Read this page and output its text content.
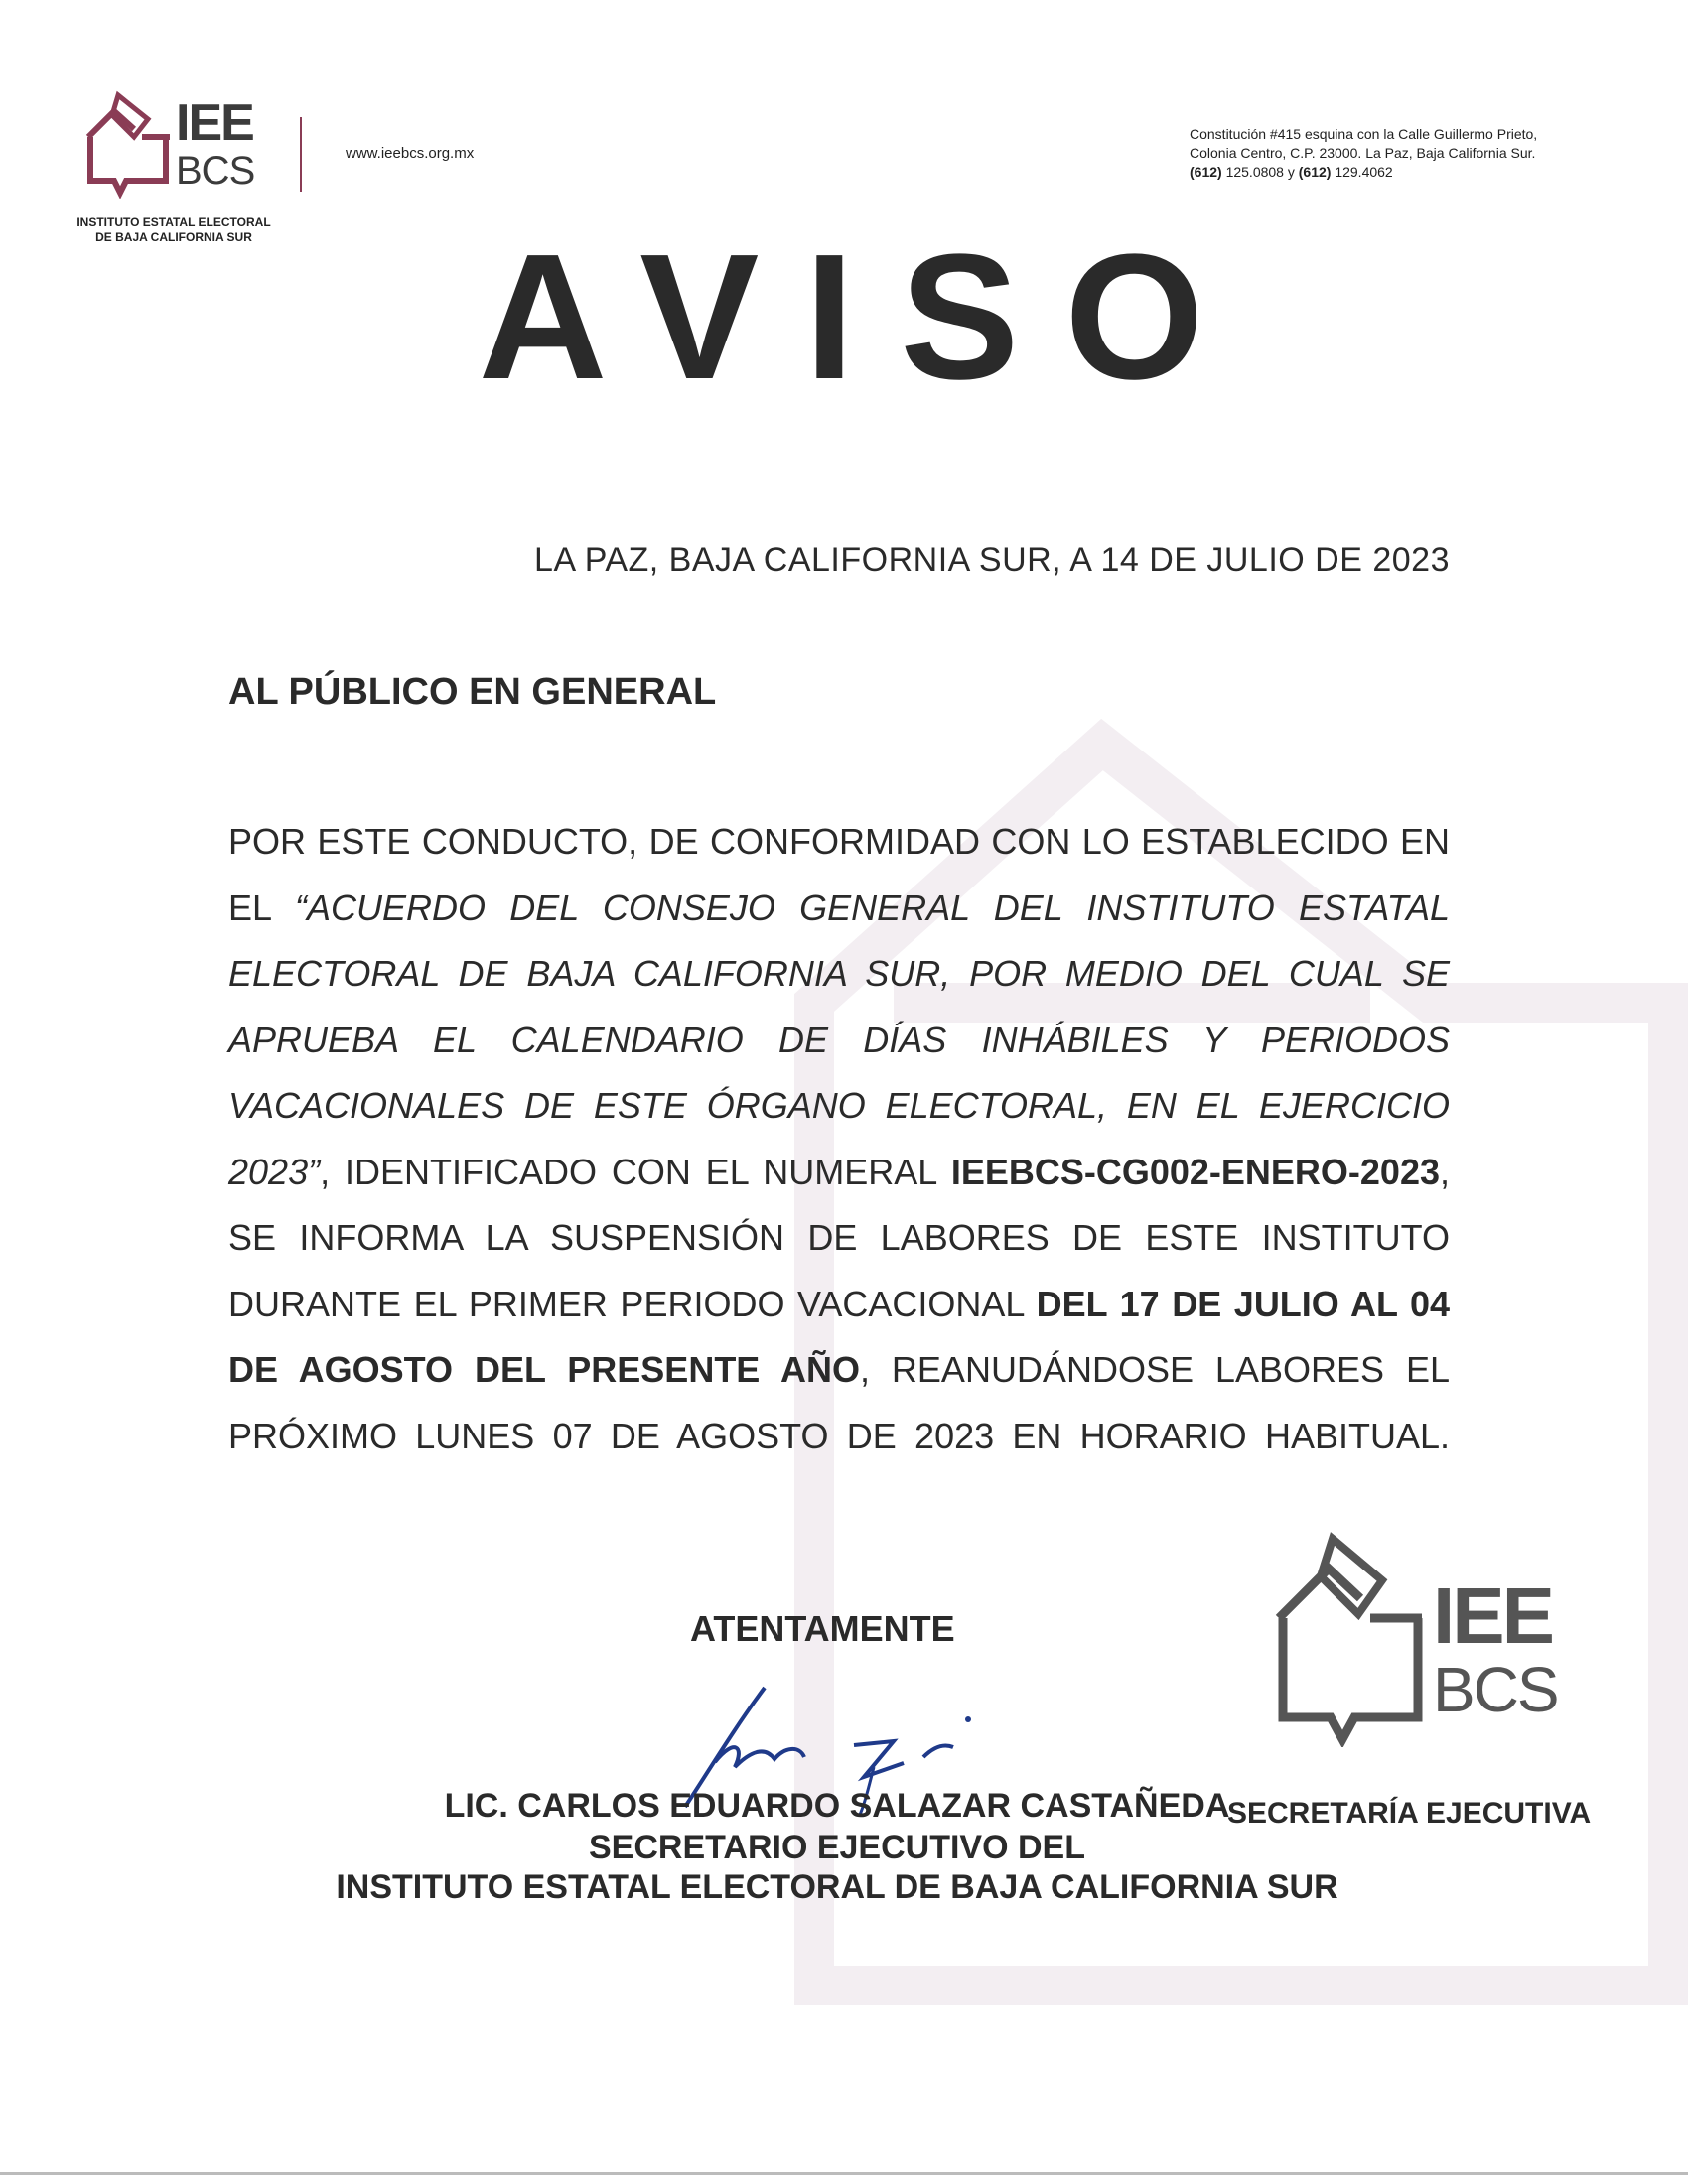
IEE
BCS
INSTITUTO ESTATAL ELECTORAL
DE BAJA CALIFORNIA SUR
www.ieebcs.org.mx
Constitución #415 esquina con la Calle Guillermo Prieto,
Colonia Centro, C.P. 23000. La Paz, Baja California Sur.
(612) 125.0808 y (612) 129.4062
AVISO
LA PAZ, BAJA CALIFORNIA SUR, A 14 DE JULIO DE 2023
AL PÚBLICO EN GENERAL
POR ESTE CONDUCTO, DE CONFORMIDAD CON LO ESTABLECIDO EN EL “ACUERDO DEL CONSEJO GENERAL DEL INSTITUTO ESTATAL ELECTORAL DE BAJA CALIFORNIA SUR, POR MEDIO DEL CUAL SE APRUEBA EL CALENDARIO DE DÍAS INHÁBILES Y PERIODOS VACACIONALES DE ESTE ÓRGANO ELECTORAL, EN EL EJERCICIO 2023”, IDENTIFICADO CON EL NUMERAL IEEBCS-CG002-ENERO-2023, SE INFORMA LA SUSPENSIÓN DE LABORES DE ESTE INSTITUTO DURANTE EL PRIMER PERIODO VACACIONAL DEL 17 DE JULIO AL 04 DE AGOSTO DEL PRESENTE AÑO, REANUDÁNDOSE LABORES EL PRÓXIMO LUNES 07 DE AGOSTO DE 2023 EN HORARIO HABITUAL.
ATENTAMENTE
LIC. CARLOS EDUARDO SALAZAR CASTAÑEDA
SECRETARIO EJECUTIVO DEL
INSTITUTO ESTATAL ELECTORAL DE BAJA CALIFORNIA SUR
IEE
BCS
SECRETARÍA EJECUTIVA
